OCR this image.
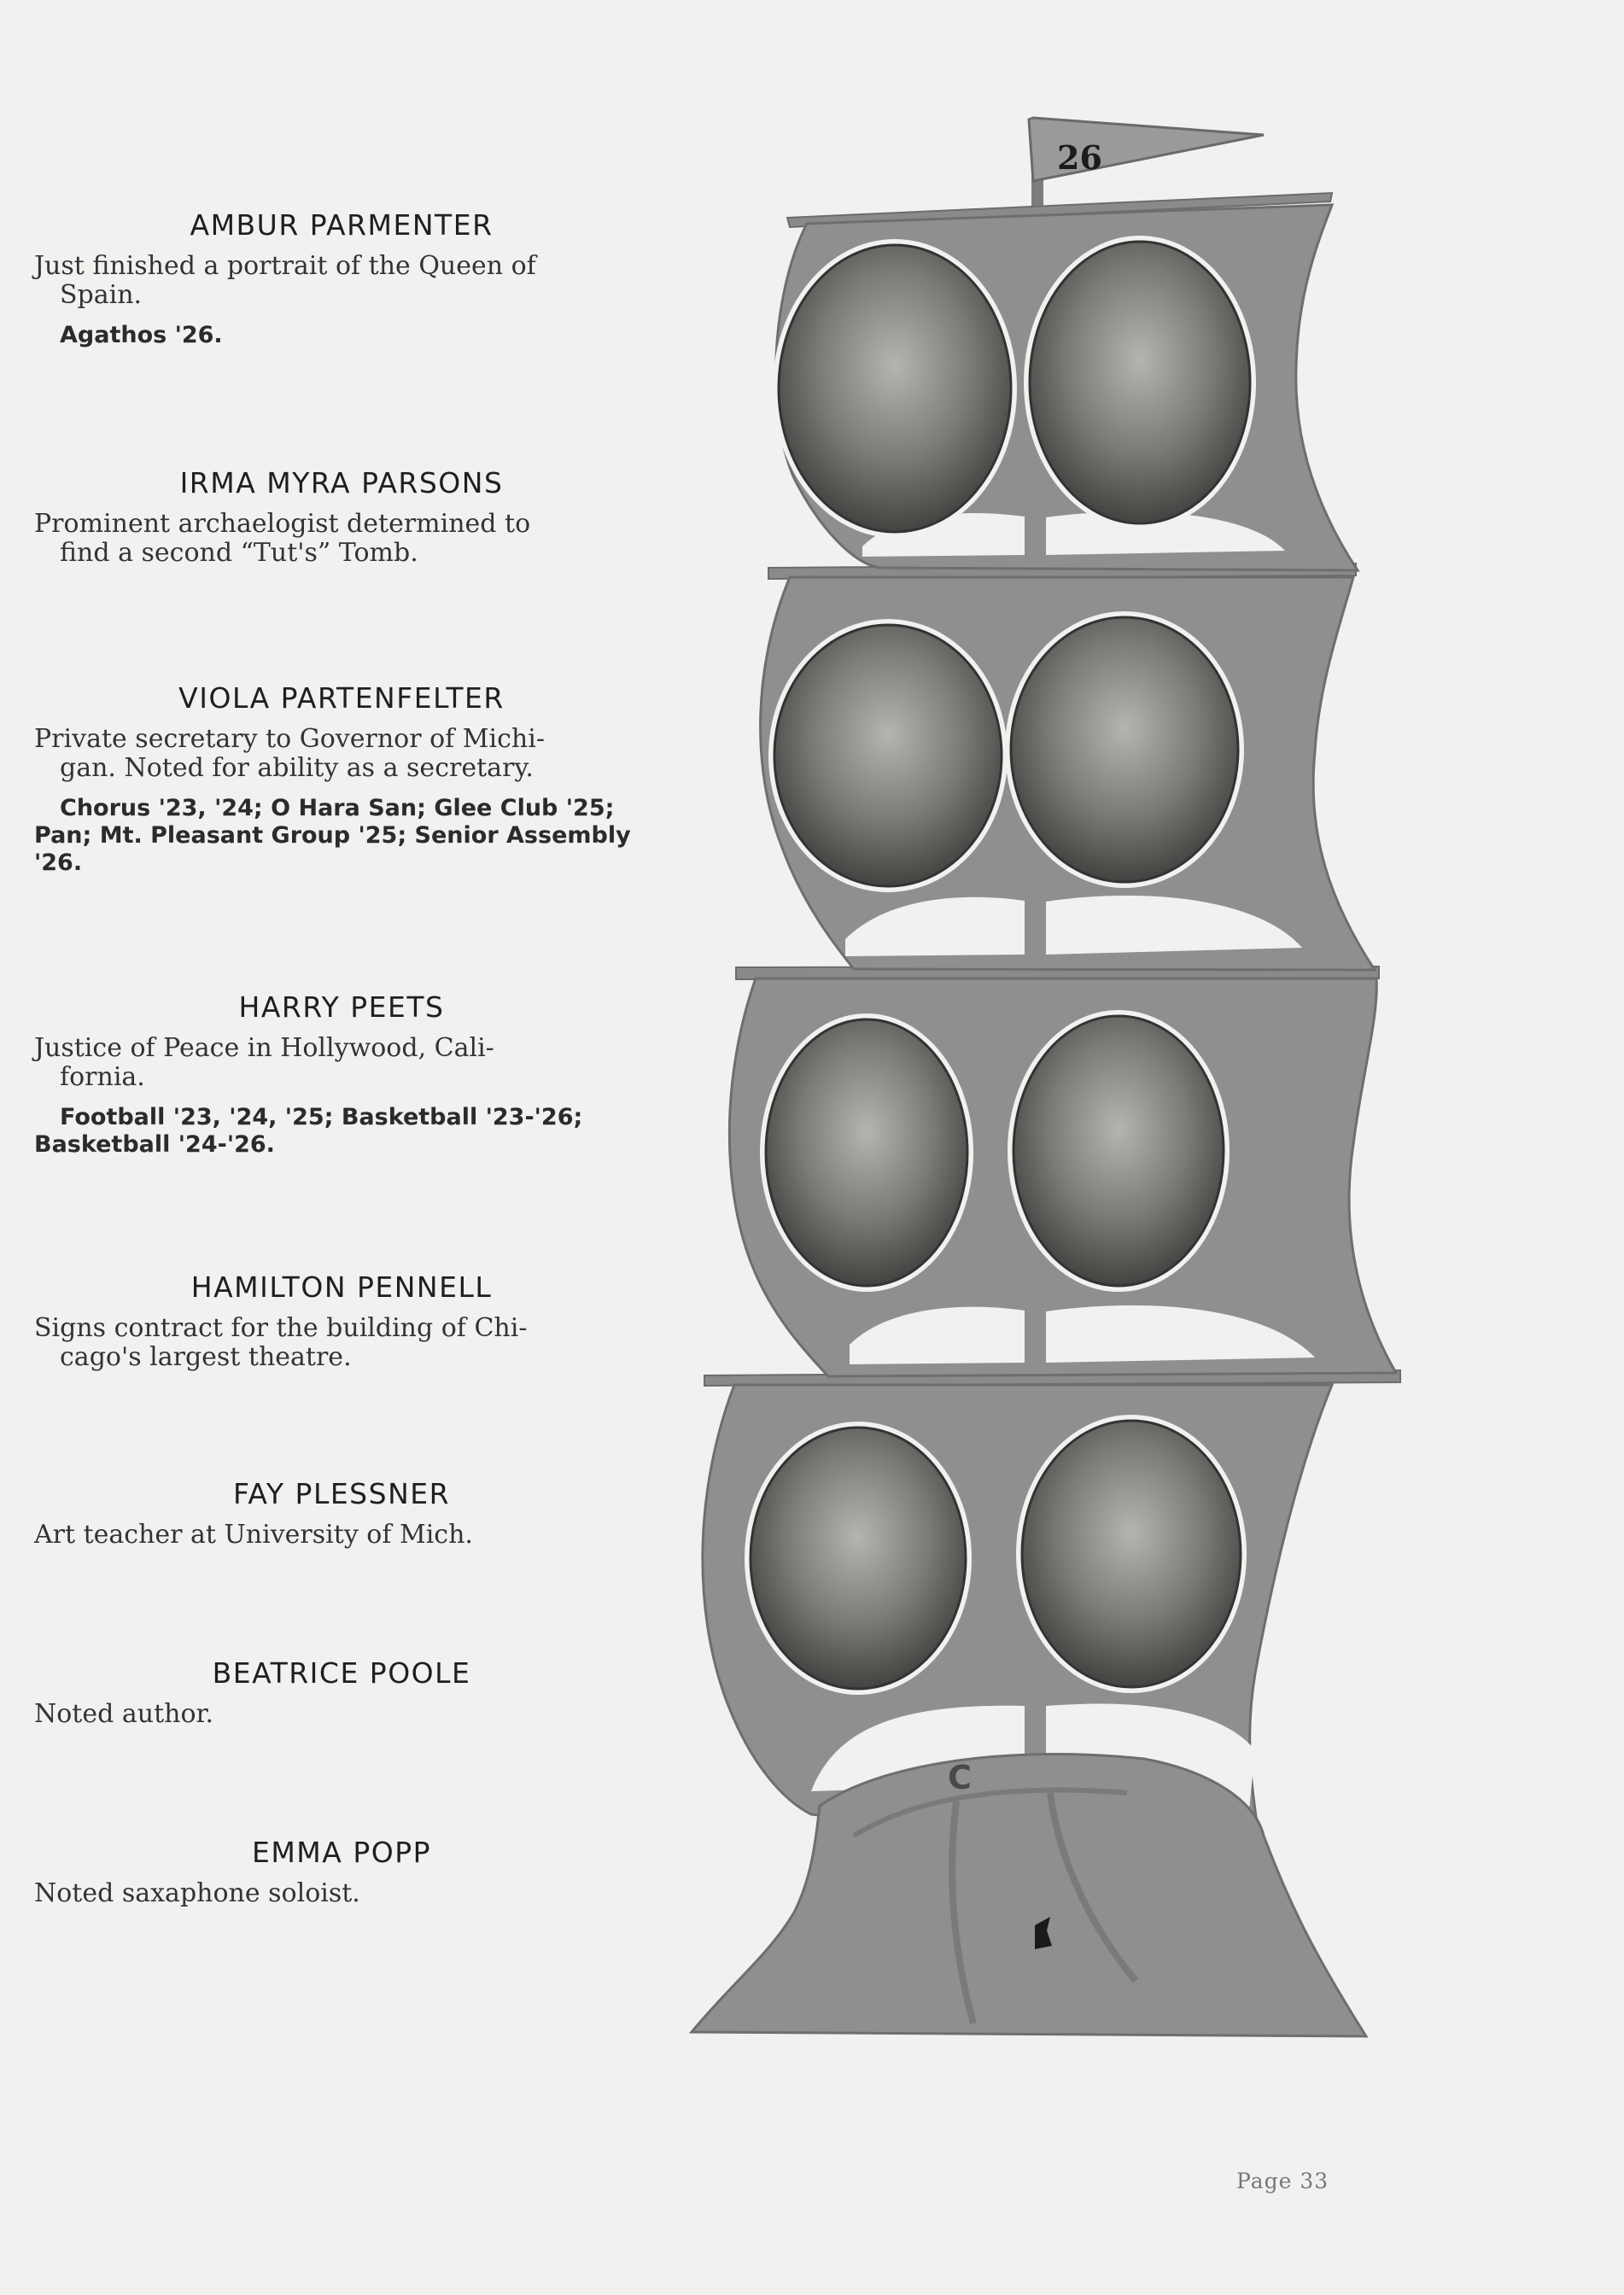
AMBUR PARMENTER

Just finished a portrait of the Queen of
Spain.

Agathos '26.

IRMA MYRA PARSONS

Prominent archaelogist determined to
find a second “Tut's” Tomb.

VIOLA PARTENFELTER

Private secretary to Governor of Michi-
gan. Noted for ability as a secretary.

Chorus '23, '24; O Hara San; Glee Club '25; Pan; Mt. Pleasant Group '25; Senior Assembly '26.

HARRY PEETS

Justice of Peace in Hollywood, Cali-
fornia.

Football '23, '24, '25; Basketball '23-'26; Basketball '24-'26.

HAMILTON PENNELL

Signs contract for the building of Chi-
cago's largest theatre.

FAY PLESSNER

Art teacher at University of Mich.

BEATRICE POOLE

Noted author.

EMMA POPP

Noted saxaphone soloist.

26
C
Page 33
